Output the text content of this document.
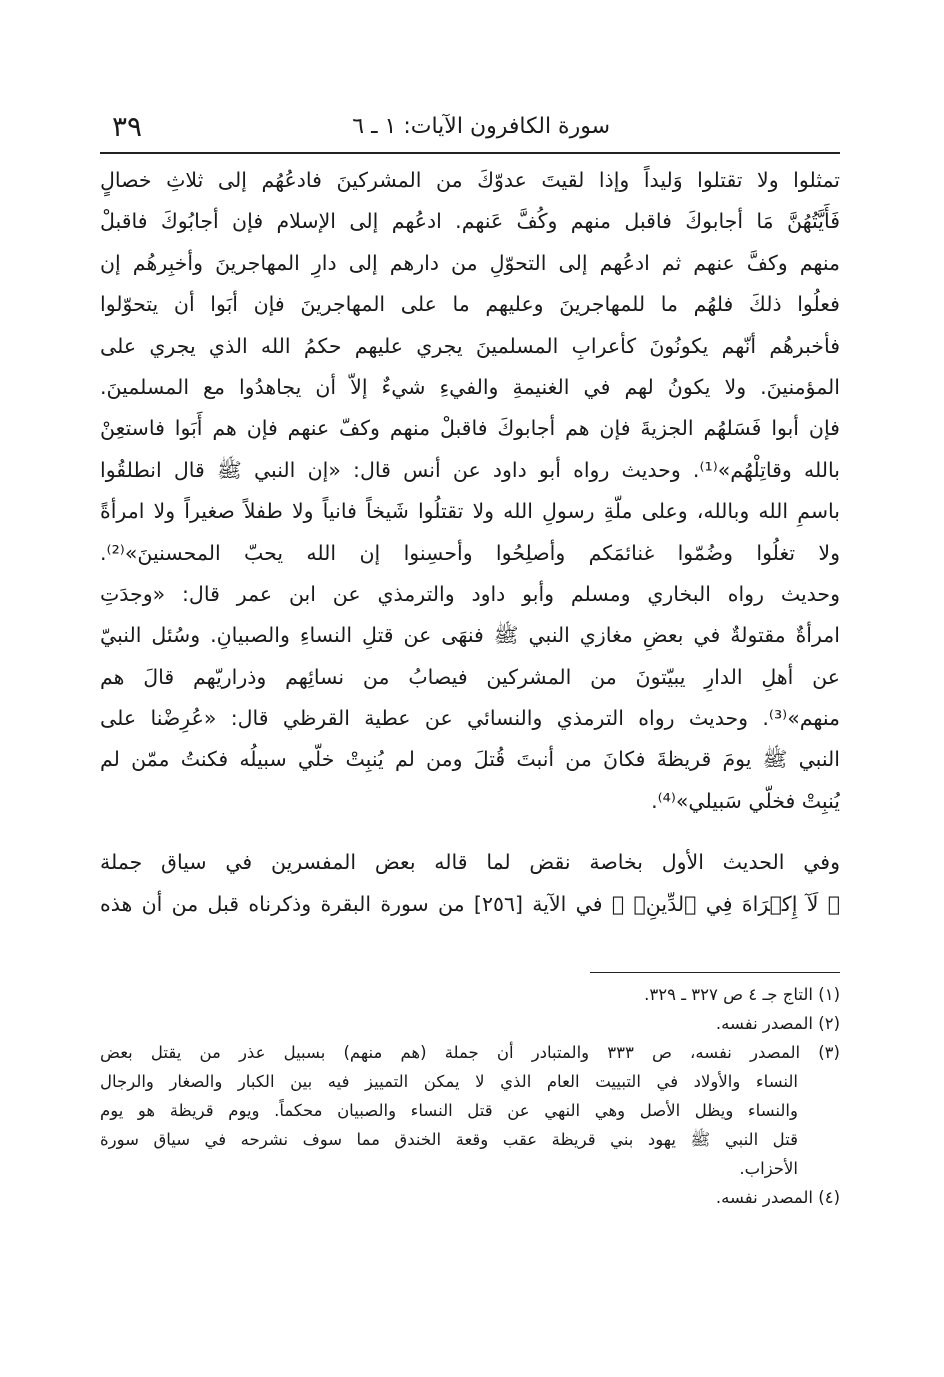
سورة الكافرون الآيات: ١ ـ ٦
٣٩
تمثلوا ولا تقتلوا وَليداً وإذا لقيتَ عدوّكَ من المشركينَ فادعُهُم إلى ثلاثِ خصالٍ
فَأَيَّتُهُنَّ مَا أجابوكَ فاقبل منهم وكُفَّ عَنهم. ادعُهم إلى الإسلام فإن أجابُوكَ فاقبلْ
منهم وكفَّ عنهم ثم ادعُهم إلى التحوّلِ من دارهم إلى دارِ المهاجرينَ وأخبِرهُم إن
فعلُوا ذلكَ فلهُم ما للمهاجرينَ وعليهم ما على المهاجرينَ فإن أبَوا أن يتحوّلوا
فأخبرهُم أنّهم يكونُونَ كأعرابِ المسلمينَ يجري عليهم حكمُ الله الذي يجري على
المؤمنينَ. ولا يكونُ لهم في الغنيمةِ والفيءِ شيءٌ إلاّ أن يجاهدُوا مع المسلمينَ.
فإن أبوا فَسَلهُم الجزيةَ فإن هم أجابوكَ فاقبلْ منهم وكفّ عنهم فإن هم أَبَوا فاستعِنْ
بالله وقاتِلْهُم»⁽¹⁾. وحديث رواه أبو داود عن أنس قال: «إن النبي ﷺ قال انطلقُوا
باسمِ الله وبالله، وعلى ملّةِ رسولِ الله ولا تقتلُوا شَيخاً فانياً ولا طفلاً صغيراً ولا امرأةً
ولا تغلُوا وضُمّوا غنائمَكم وأصلِحُوا وأحسِنوا إن الله يحبّ المحسنينَ»⁽²⁾.
وحديث رواه البخاري ومسلم وأبو داود والترمذي عن ابن عمر قال: «وجدَتِ
امرأةٌ مقتولةٌ في بعضِ مغازي النبي ﷺ فنهَى عن قتلِ النساءِ والصبيانِ. وسُئل النبيّ
عن أهلِ الدارِ يبيّتونَ من المشركين فيصابُ من نسائِهم وذراريّهم قالَ هم
منهم»⁽³⁾. وحديث رواه الترمذي والنسائي عن عطية القرظي قال: «عُرِضْنا على
النبي ﷺ يومَ قريظةَ فكانَ من أنبتَ قُتلَ ومن لم يُنبِتْ خلّي سبيلُه فكنتُ ممّن لم
يُنبِتْ فخلّي سَبيلي»⁽⁴⁾.
وفي الحديث الأول بخاصة نقض لما قاله بعض المفسرين في سياق جملة
﴿ لَآ إِكۡرَاهَ فِي ٱلدِّينِۖ ﴾ في الآية [٢٥٦] من سورة البقرة وذكرناه قبل من أن هذه
(١) التاج جـ ٤ ص ٣٢٧ ـ ٣٢٩.
(٢) المصدر نفسه.
(٣) المصدر نفسه، ص ٣٣٣ والمتبادر أن جملة (هم منهم) بسبيل عذر من يقتل بعض
النساء والأولاد في التبييت العام الذي لا يمكن التمييز فيه بين الكبار والصغار والرجال
والنساء ويظل الأصل وهي النهي عن قتل النساء والصبيان محكماً. ويوم قريظة هو يوم
قتل النبي ﷺ يهود بني قريظة عقب وقعة الخندق مما سوف نشرحه في سياق سورة
الأحزاب.
(٤) المصدر نفسه.
